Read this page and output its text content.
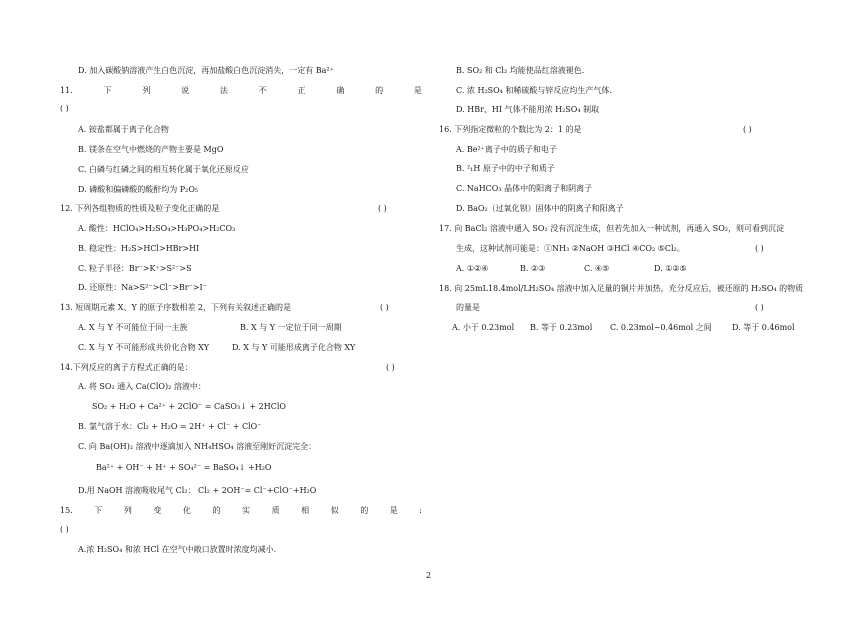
D. 加入碳酸钠溶液产生白色沉淀，再加盐酸白色沉淀消失，一定有 Ba²⁺
11.	下	列	说	法	不	正	确	的	是
( )
A. 铵盐都属于离子化合物
B. 镁条在空气中燃烧的产物主要是 MgO
C. 白磷与红磷之间的相互转化属于氧化还原反应
D. 磷酸和偏磷酸的酸酐均为 P₂O₅
12. 下列各组物质的性质及粒子变化正确的是	( )
A. 酸性：HClO₄>H₂SO₄>H₃PO₄>H₂CO₃
B. 稳定性：H₂S>HCl>HBr>HI
C. 粒子半径：Br⁻>K⁺>S²⁻>S
D. 还原性：Na>S²⁻>Cl⁻>Br⁻>I⁻
13. 短周期元素 X、Y 的原子序数相差 2，下列有关叙述正确的是	( )
A. X 与 Y 不可能位于同一主族	B. X 与 Y 一定位于同一周期
C. X 与 Y 不可能形成共价化合物 XY	D. X 与 Y 可能形成离子化合物 XY
14.下列反应的离子方程式正确的是：	( )
A. 将 SO₂ 通入 Ca(ClO)₂ 溶液中：
SO₂ + H₂O + Ca²⁺ + 2ClO⁻ = CaSO₃↓ + 2HClO
B. 氯气溶于水：Cl₂ + H₂O = 2H⁺ + Cl⁻ + ClO⁻
C. 向 Ba(OH)₂ 溶液中逐滴加入 NH₄HSO₄ 溶液至刚好沉淀完全：
Ba²⁺ + OH⁻ + H⁺ + SO₄²⁻ = BaSO₄↓ +H₂O
D.用 NaOH 溶液吸收尾气 Cl₂： Cl₂ + 2OH⁻= Cl⁻+ClO⁻+H₂O
15.	下	列	变	化	的	实	质	相	似	的	是	:
( )
A.浓 H₂SO₄ 和浓 HCl 在空气中敞口放置时浓度均减小.
B. SO₂ 和 Cl₂ 均能使品红溶液褪色.
C. 浓 H₂SO₄ 和稀硫酸与锌反应均生产气体.
D. HBr、HI 气体不能用浓 H₂SO₄ 制取
16. 下列指定微粒的个数比为 2：1 的是	( )
A. Be²⁺离子中的质子和电子
B. ²₁H 原子中的中子和质子
C. NaHCO₃ 晶体中的阳离子和阴离子
D. BaO₂（过氧化钡）固体中的阴离子和阳离子
17. 向 BaCl₂ 溶液中通入 SO₂ 没有沉淀生成，但若先加入一种试剂，再通入 SO₂，则可看到沉淀
生成，这种试剂可能是：①NH₃ ②NaOH ③HCl ④CO₂ ⑤Cl₂。	( )
A. ①②④	B. ②③	C. ④⑤	D. ①②⑤
18. 向 25mL18.4mol/LH₂SO₄ 溶液中加入足量的铜片并加热，充分反应后，被还原的 H₂SO₄ 的物质
的量是	( )
A. 小于 0.23mol	B. 等于 0.23mol	C. 0.23mol~0.46mol 之间	D. 等于 0.46mol
2
